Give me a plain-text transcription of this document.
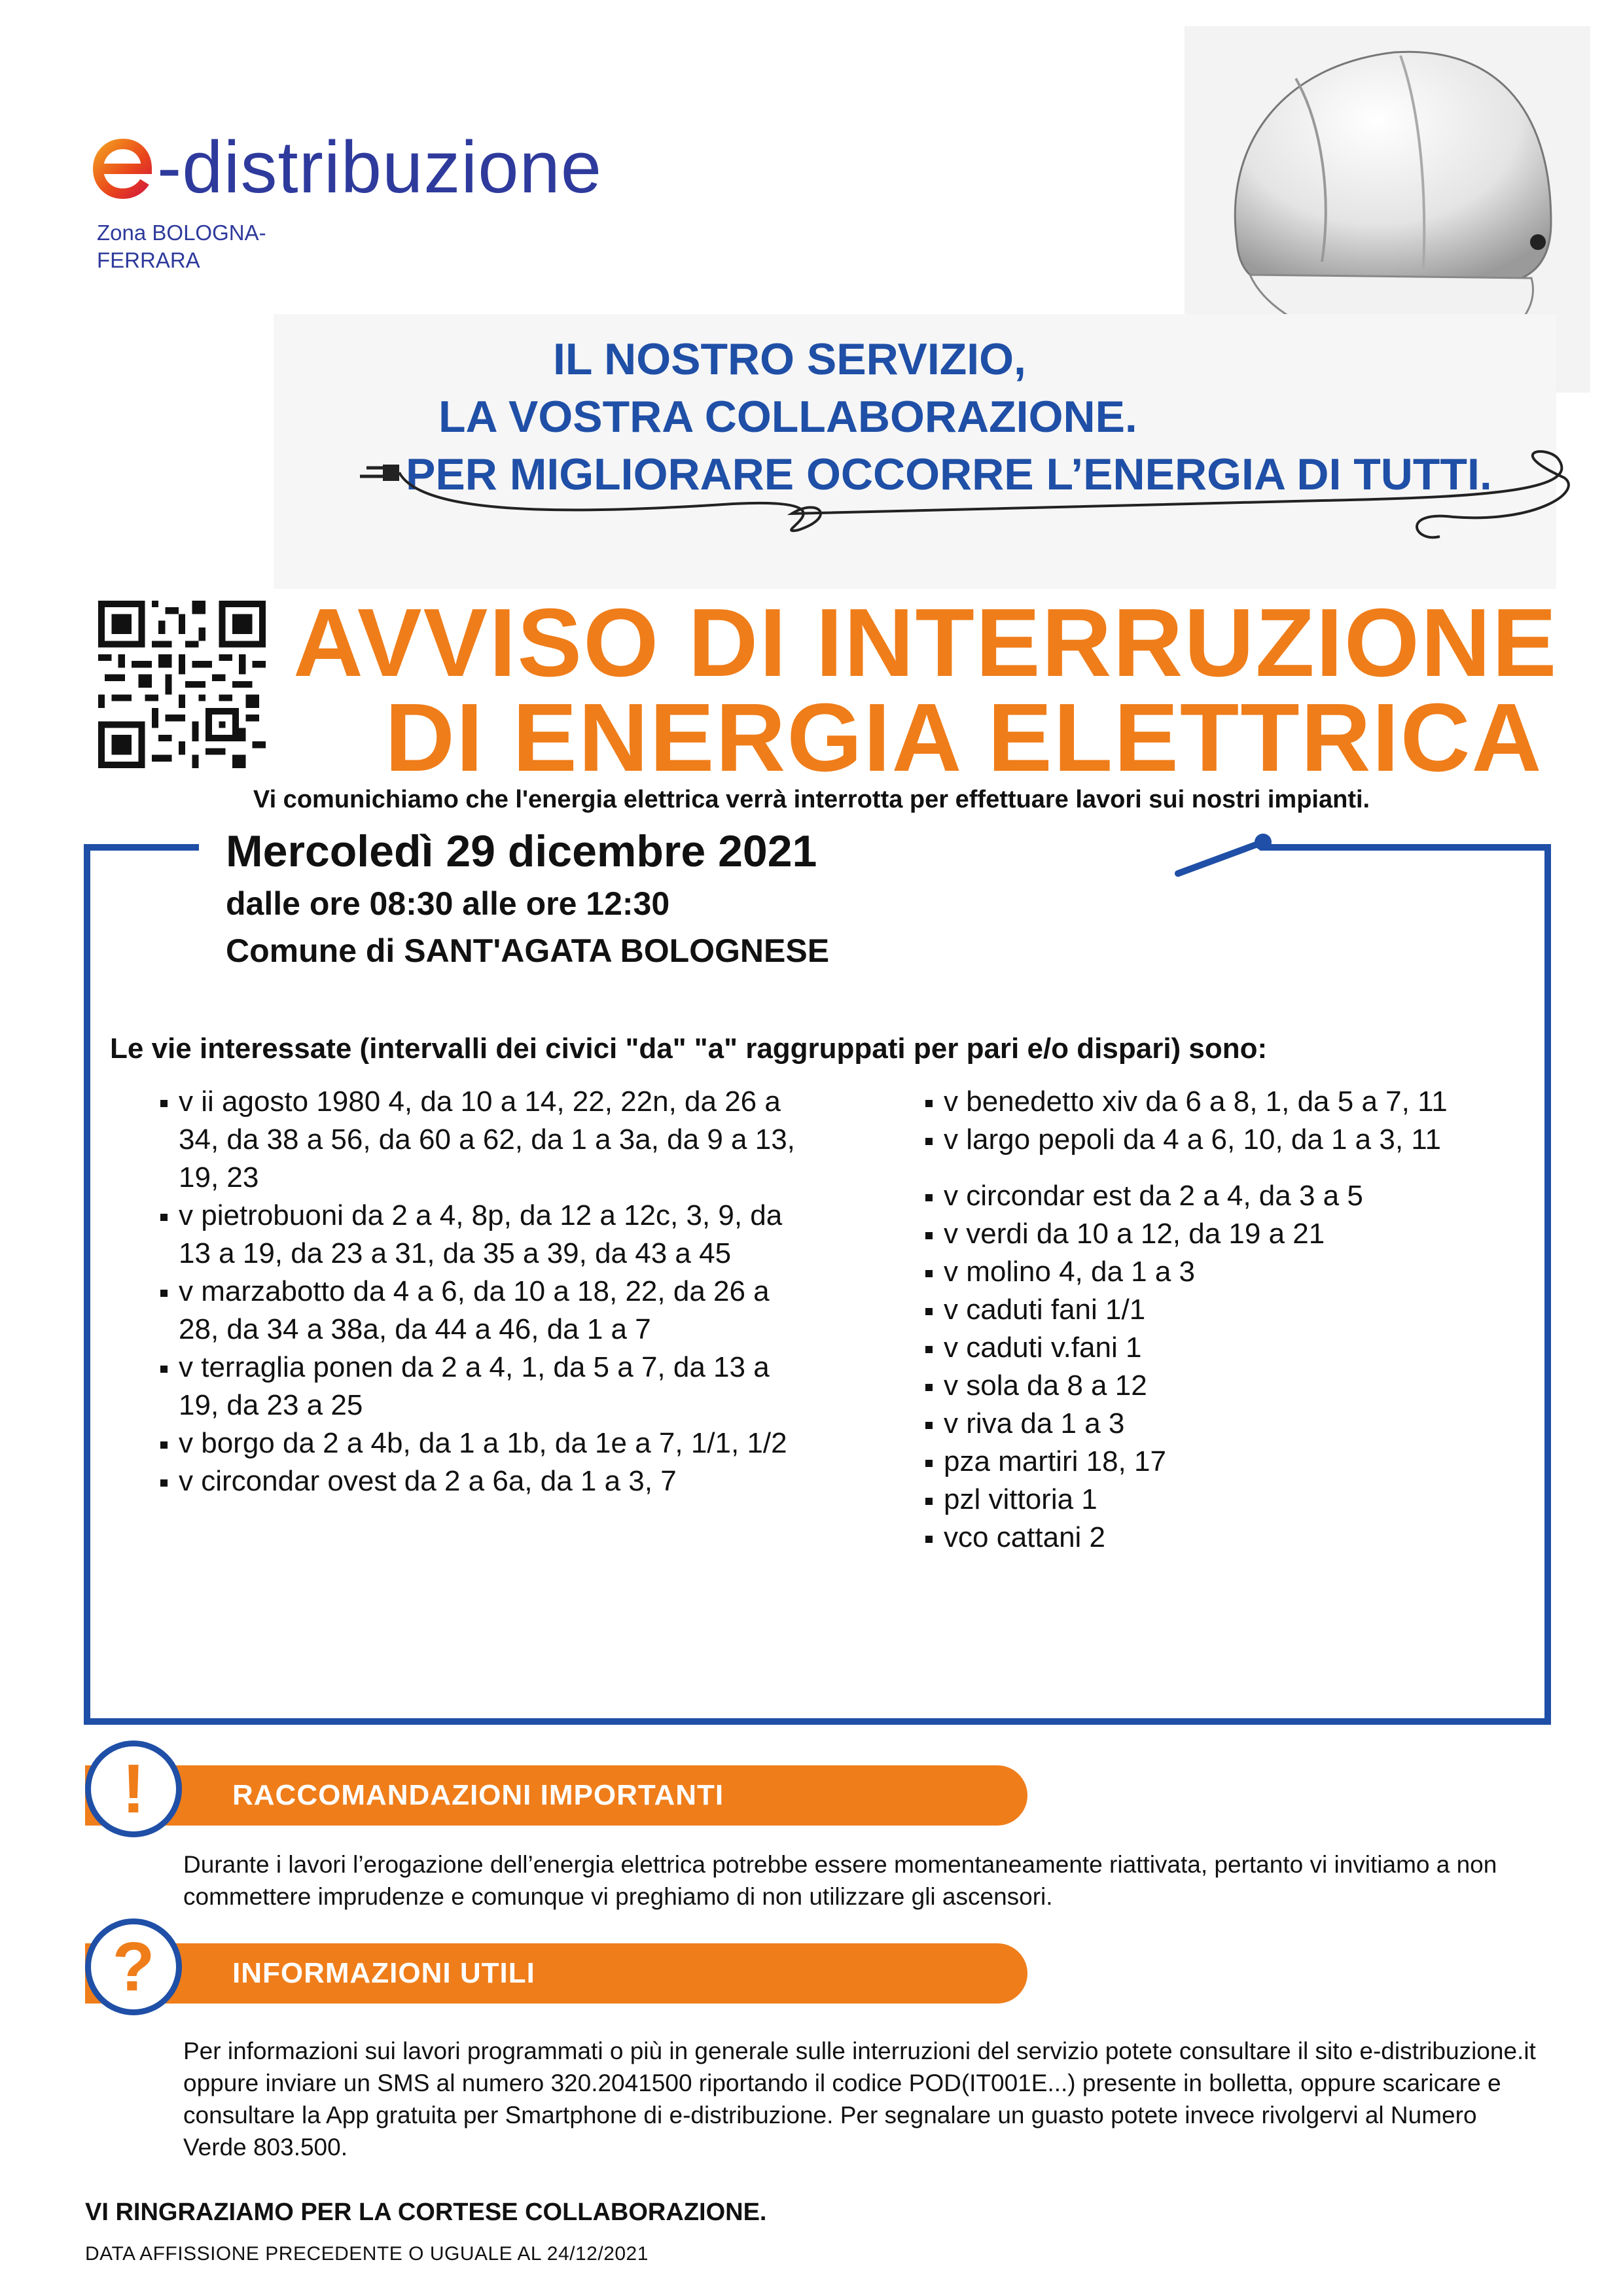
-distribuzione
Zona BOLOGNA-FERRARA
IL NOSTRO SERVIZIO,
LA VOSTRA COLLABORAZIONE.
PER MIGLIORARE OCCORRE L’ENERGIA DI TUTTI.
AVVISO DI INTERRUZIONE
DI ENERGIA ELETTRICA
Vi comunichiamo che l'energia elettrica verrà interrotta per effettuare lavori sui nostri impianti.
Mercoledì 29 dicembre 2021
dalle ore 08:30 alle ore 12:30
Comune di SANT'AGATA BOLOGNESE
Le vie interessate (intervalli dei civici "da" "a" raggruppati per pari e/o dispari) sono:
v ii agosto 1980 4, da 10 a 14, 22, 22n, da 26 a 34, da 38 a 56, da 60 a 62, da 1 a 3a, da 9 a 13, 19, 23
v pietrobuoni da 2 a 4, 8p, da 12 a 12c, 3, 9, da 13 a 19, da 23 a 31, da 35 a 39, da 43 a 45
v marzabotto da 4 a 6, da 10 a 18, 22, da 26 a 28, da 34 a 38a, da 44 a 46, da 1 a 7
v terraglia ponen da 2 a 4, 1, da 5 a 7, da 13 a 19, da 23 a 25
v borgo da 2 a 4b, da 1 a 1b, da 1e a 7, 1/1, 1/2
v circondar ovest da 2 a 6a, da 1 a 3, 7
v benedetto xiv da 6 a 8, 1, da 5 a 7, 11
v largo pepoli da 4 a 6, 10, da 1 a 3, 11
v circondar est da 2 a 4, da 3 a 5
v verdi da 10 a 12, da 19 a 21
v molino 4, da 1 a 3
v caduti fani 1/1
v caduti v.fani 1
v sola da 8 a 12
v riva da 1 a 3
pza martiri 18, 17
pzl vittoria 1
vco cattani 2
RACCOMANDAZIONI IMPORTANTI
!
Durante i lavori l’erogazione dell’energia elettrica potrebbe essere momentaneamente riattivata, pertanto vi invitiamo a non commettere imprudenze e comunque vi preghiamo di non utilizzare gli ascensori.
INFORMAZIONI UTILI
?
Per informazioni sui lavori programmati o più in generale sulle interruzioni del servizio potete consultare il sito e-distribuzione.it oppure inviare un SMS al numero 320.2041500 riportando il codice POD(IT001E...) presente in bolletta, oppure scaricare e consultare la App gratuita per Smartphone di e-distribuzione. Per segnalare un guasto potete invece rivolgervi al Numero Verde 803.500.
VI RINGRAZIAMO PER LA CORTESE COLLABORAZIONE.
DATA AFFISSIONE PRECEDENTE O UGUALE AL 24/12/2021
